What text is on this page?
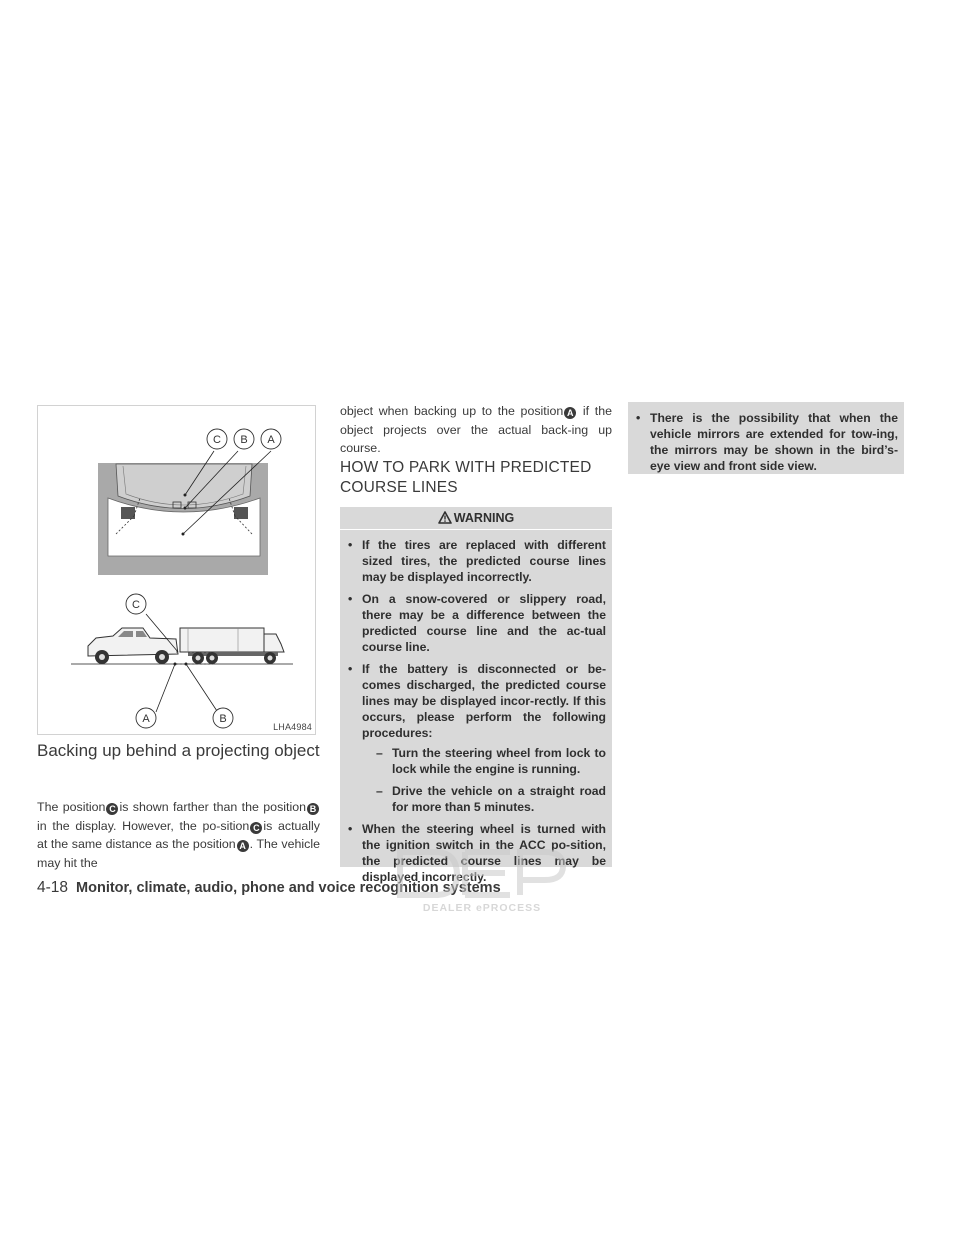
C B A
C
A	B
LHA4984
Backing up behind a projecting object
The position C is shown farther than the position Bin the display. However, the po-sition C is actually at the same distance as the position A . The vehicle may hit the
object when backing up to the position A if the object projects over the actual back-ing up course.
HOW TO PARK WITH PREDICTED COURSE LINES
WARNING
• If the tires are replaced with different sized tires, the predicted course lines may be displayed incorrectly.
• On a snow-covered or slippery road, there may be a difference between the predicted course line and the ac-tual course line.
• If the battery is disconnected or be-comes discharged, the predicted course lines may be displayed incor-rectly. If this occurs, please perform the following procedures:
– Turn the steering wheel from lock to lock while the engine is running.
– Drive the vehicle on a straight road for more than 5 minutes.
• When the steering wheel is turned with the ignition switch in the ACC po-sition, the predicted course lines may be displayed incorrectly.
• There is the possibility that when the vehicle mirrors are extended for tow-ing, the mirrors may be shown in the bird’s-eye view and front side view.
4-18 Monitor, climate, audio, phone and voice recognition systems
DEALER ePROCESS
